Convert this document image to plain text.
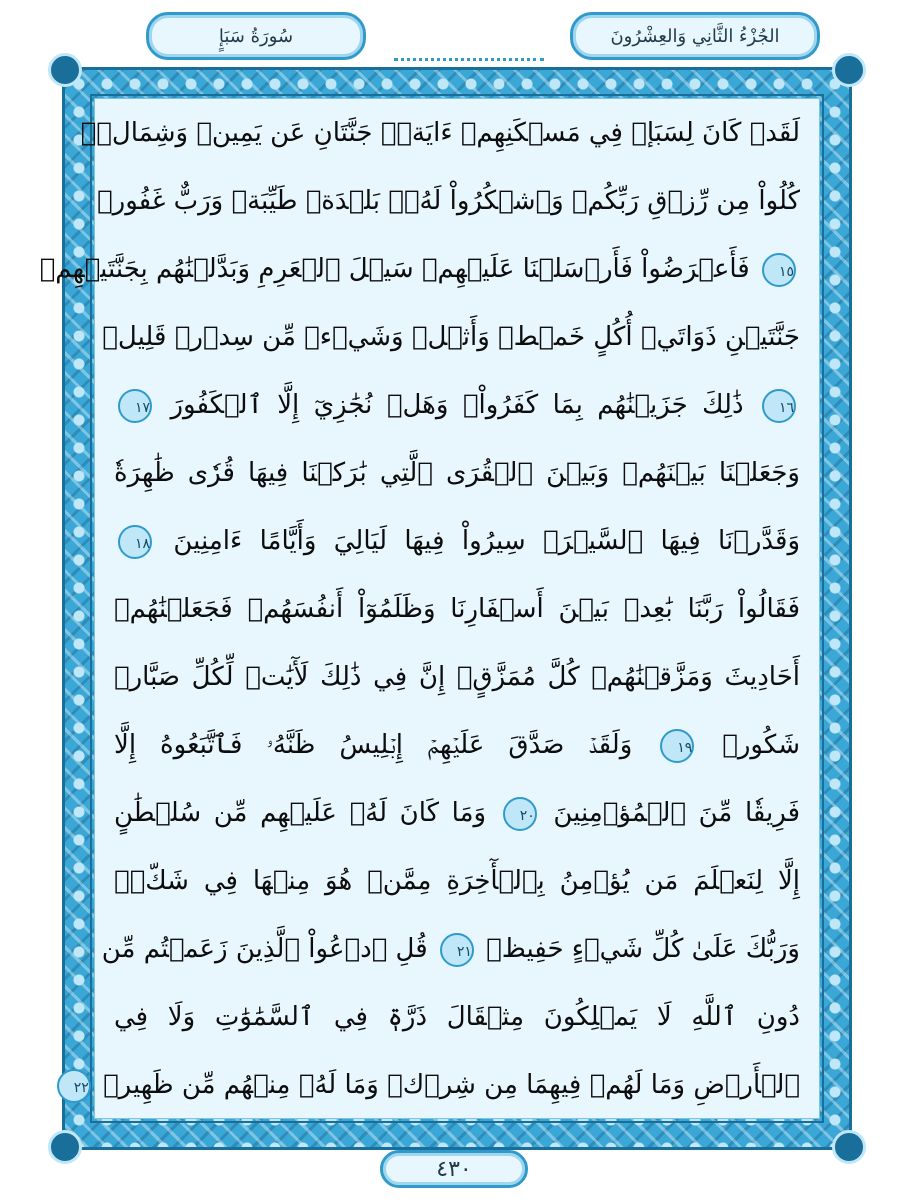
سُورَةُ سَبَإٍ	الجُزْءُ الثَّانِي وَالعِشْرُونَ
لَقَدۡ كَانَ لِسَبَإٖ فِي مَسۡكَنِهِمۡ ءَايَةٞۖ جَنَّتَانِ عَن يَمِينٖ وَشِمَالٖۖ
كُلُواْ مِن رِّزۡقِ رَبِّكُمۡ وَٱشۡكُرُواْ لَهُۥۚ بَلۡدَةٞ طَيِّبَةٞ وَرَبٌّ غَفُورٞ
١٥ فَأَعۡرَضُواْ فَأَرۡسَلۡنَا عَلَيۡهِمۡ سَيۡلَ ٱلۡعَرِمِ وَبَدَّلۡنَٰهُم بِجَنَّتَيۡهِمۡ
جَنَّتَيۡنِ ذَوَاتَيۡ أُكُلٍ خَمۡطٖ وَأَثۡلٖ وَشَيۡءٖ مِّن سِدۡرٖ قَلِيلٖ
١٦ ذَٰلِكَ جَزَيۡنَٰهُم بِمَا كَفَرُواْۖ وَهَلۡ نُجَٰزِيٓ إِلَّا ٱلۡكَفُورَ ١٧
وَجَعَلۡنَا بَيۡنَهُمۡ وَبَيۡنَ ٱلۡقُرَى ٱلَّتِي بَٰرَكۡنَا فِيهَا قُرٗى ظَٰهِرَةٗ
وَقَدَّرۡنَا فِيهَا ٱلسَّيۡرَۖ سِيرُواْ فِيهَا لَيَالِيَ وَأَيَّامًا ءَامِنِينَ ١٨
فَقَالُواْ رَبَّنَا بَٰعِدۡ بَيۡنَ أَسۡفَارِنَا وَظَلَمُوٓاْ أَنفُسَهُمۡ فَجَعَلۡنَٰهُمۡ
أَحَادِيثَ وَمَزَّقۡنَٰهُمۡ كُلَّ مُمَزَّقٍۚ إِنَّ فِي ذَٰلِكَ لَأٓيَٰتٖ لِّكُلِّ صَبَّارٖ
شَكُورٖ ١٩ وَلَقَدۡ صَدَّقَ عَلَيۡهِمۡ إِبۡلِيسُ ظَنَّهُۥ فَٱتَّبَعُوهُ إِلَّا
فَرِيقٗا مِّنَ ٱلۡمُؤۡمِنِينَ ٢٠ وَمَا كَانَ لَهُۥ عَلَيۡهِم مِّن سُلۡطَٰنٍ
إِلَّا لِنَعۡلَمَ مَن يُؤۡمِنُ بِٱلۡأٓخِرَةِ مِمَّنۡ هُوَ مِنۡهَا فِي شَكّٖۗ
وَرَبُّكَ عَلَىٰ كُلِّ شَيۡءٍ حَفِيظٞ ٢١ قُلِ ٱدۡعُواْ ٱلَّذِينَ زَعَمۡتُم مِّن
دُونِ ٱللَّهِ لَا يَمۡلِكُونَ مِثۡقَالَ ذَرَّةٖ فِي ٱلسَّمَٰوَٰتِ وَلَا فِي
ٱلۡأَرۡضِ وَمَا لَهُمۡ فِيهِمَا مِن شِرۡكٖ وَمَا لَهُۥ مِنۡهُم مِّن ظَهِيرٖ ٢٢
٤٣٠
